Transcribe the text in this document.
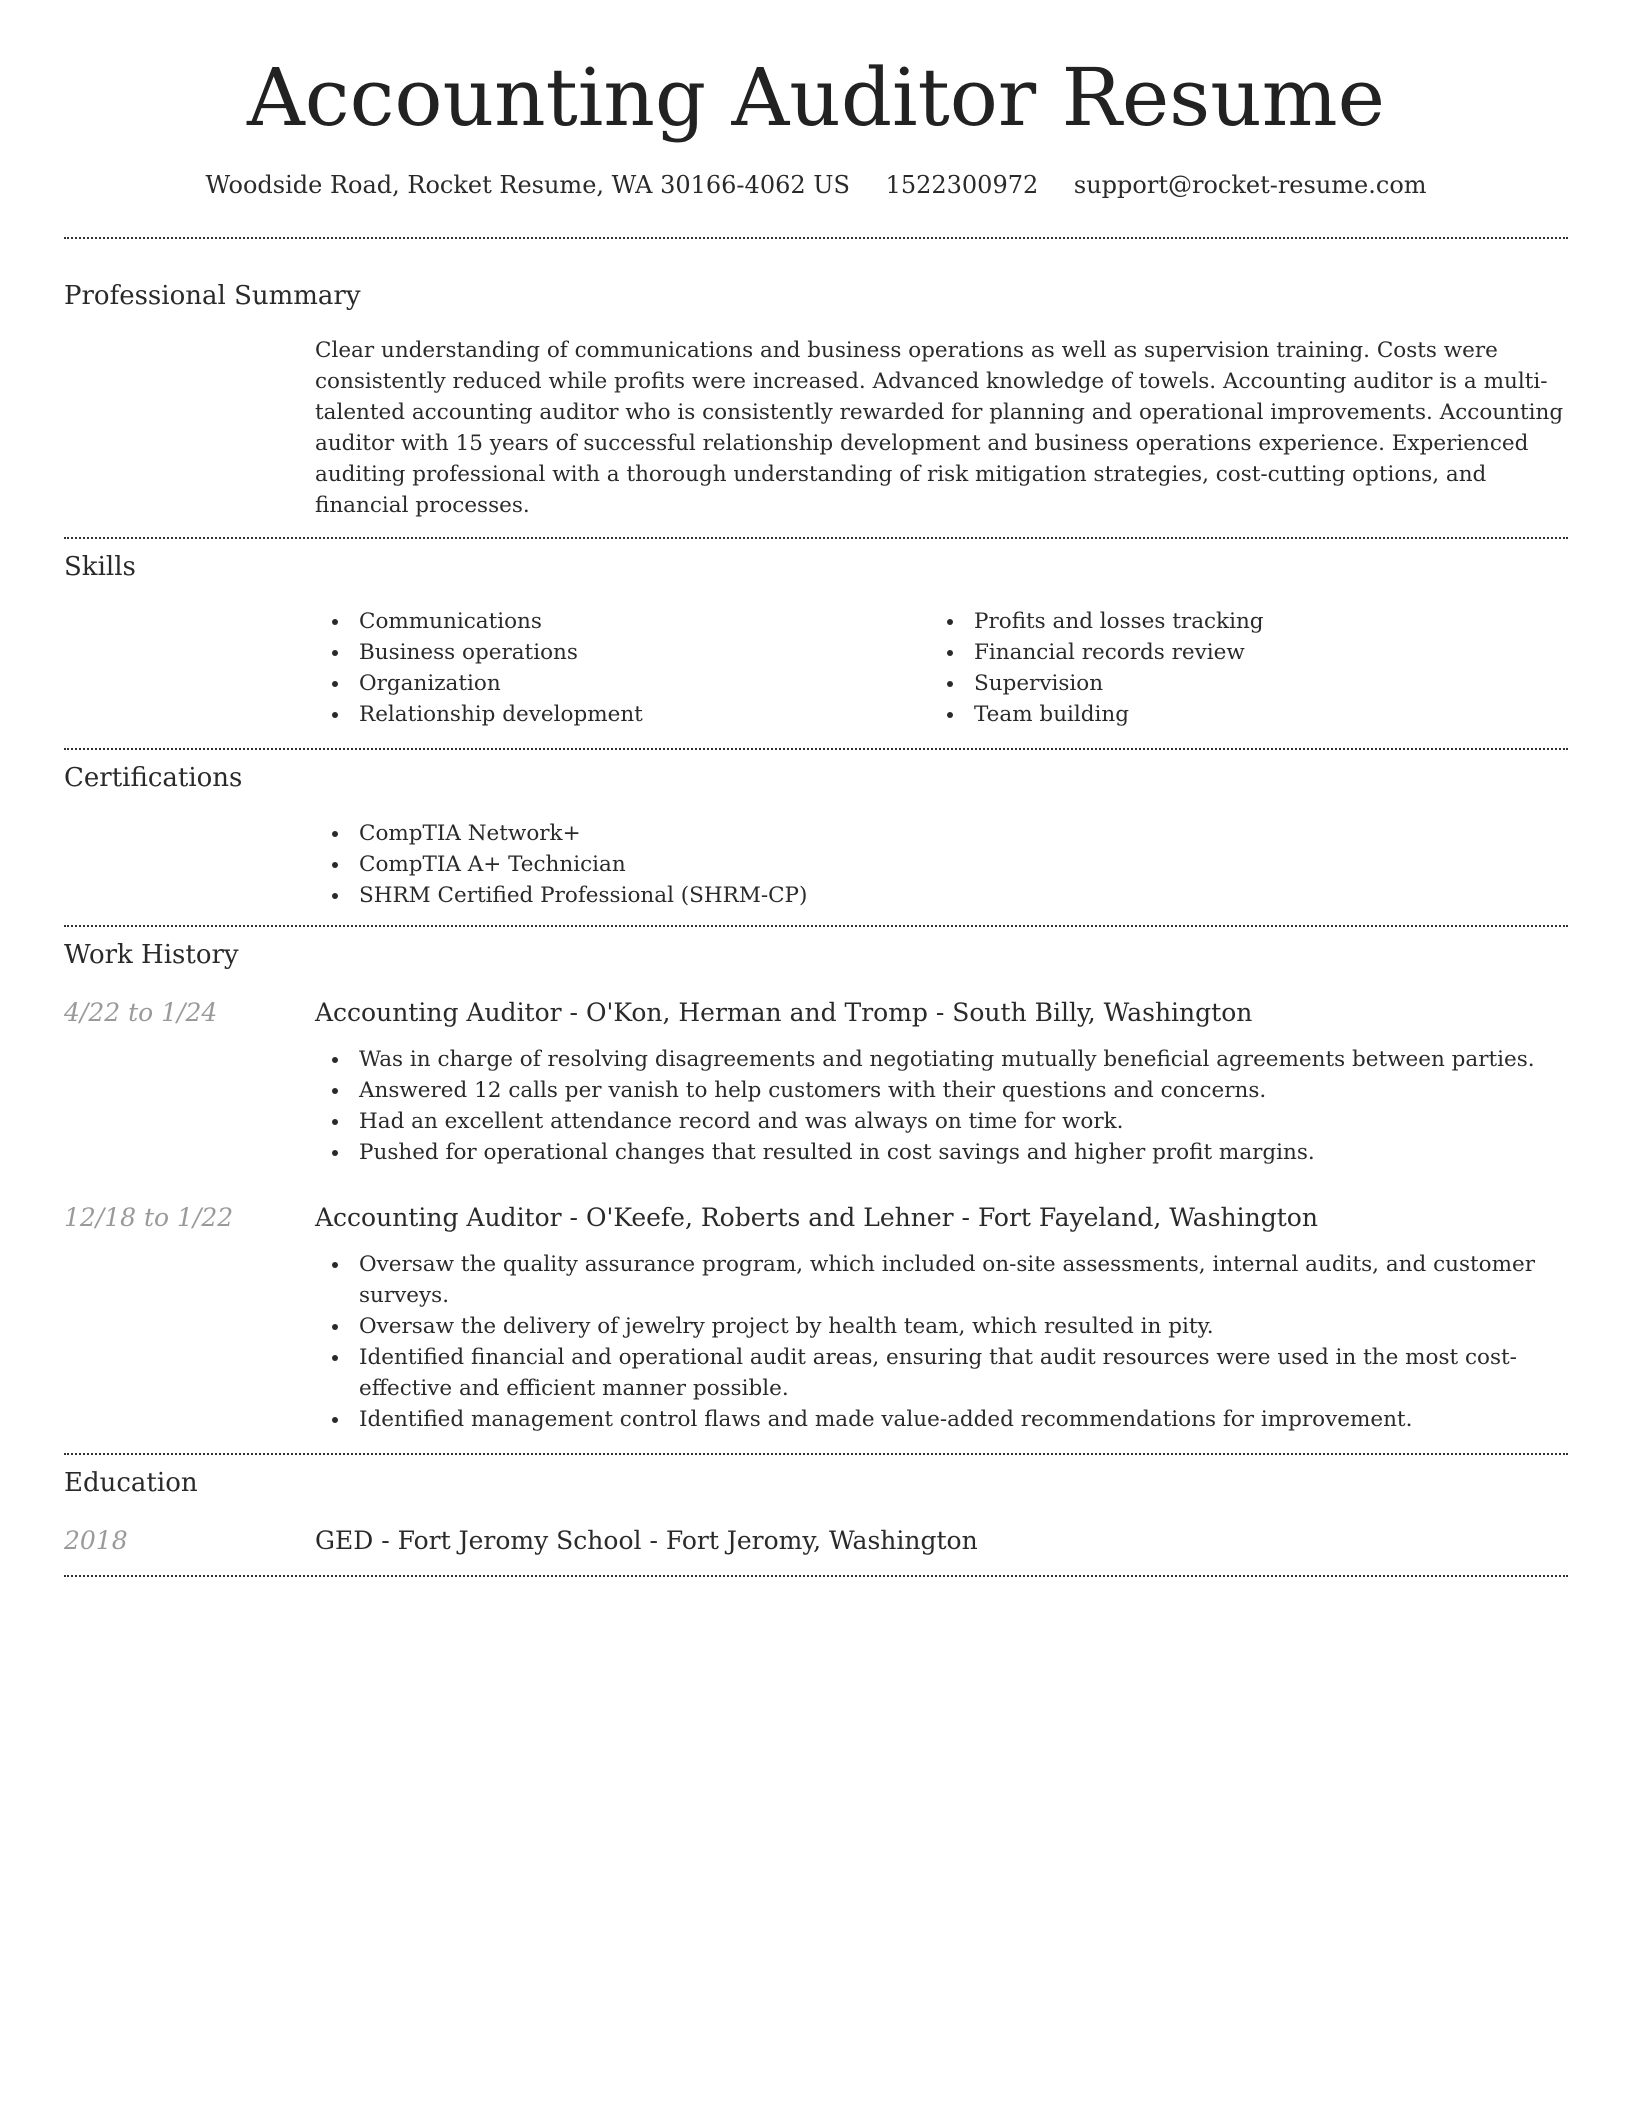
Accounting Auditor Resume
Woodside Road, Rocket Resume, WA 30166-4062 US 1522300972 support@rocket-resume.com
Professional Summary

Clear understanding of communications and business operations as well as supervision training. Costs were consistently reduced while profits were increased. Advanced knowledge of towels. Accounting auditor is a multi-talented accounting auditor who is consistently rewarded for planning and operational improvements. Accounting auditor with 15 years of successful relationship development and business operations experience. Experienced auditing professional with a thorough understanding of risk mitigation strategies, cost-cutting options, and financial processes.

Skills
Communications
Business operations
Organization
Relationship development
Profits and losses tracking
Financial records review
Supervision
Team building
Certifications
CompTIA Network+
CompTIA A+ Technician
SHRM Certified Professional (SHRM-CP)
Work History
4/22 to 1/24	Accounting Auditor - O'Kon, Herman and Tromp - South Billy, Washington
Was in charge of resolving disagreements and negotiating mutually beneficial agreements between parties.
Answered 12 calls per vanish to help customers with their questions and concerns.
Had an excellent attendance record and was always on time for work.
Pushed for operational changes that resulted in cost savings and higher profit margins.
12/18 to 1/22	Accounting Auditor - O'Keefe, Roberts and Lehner - Fort Fayeland, Washington
Oversaw the quality assurance program, which included on-site assessments, internal audits, and customer surveys.
Oversaw the delivery of jewelry project by health team, which resulted in pity.
Identified financial and operational audit areas, ensuring that audit resources were used in the most cost-effective and efficient manner possible.
Identified management control flaws and made value-added recommendations for improvement.
Education
2018	GED - Fort Jeromy School - Fort Jeromy, Washington
